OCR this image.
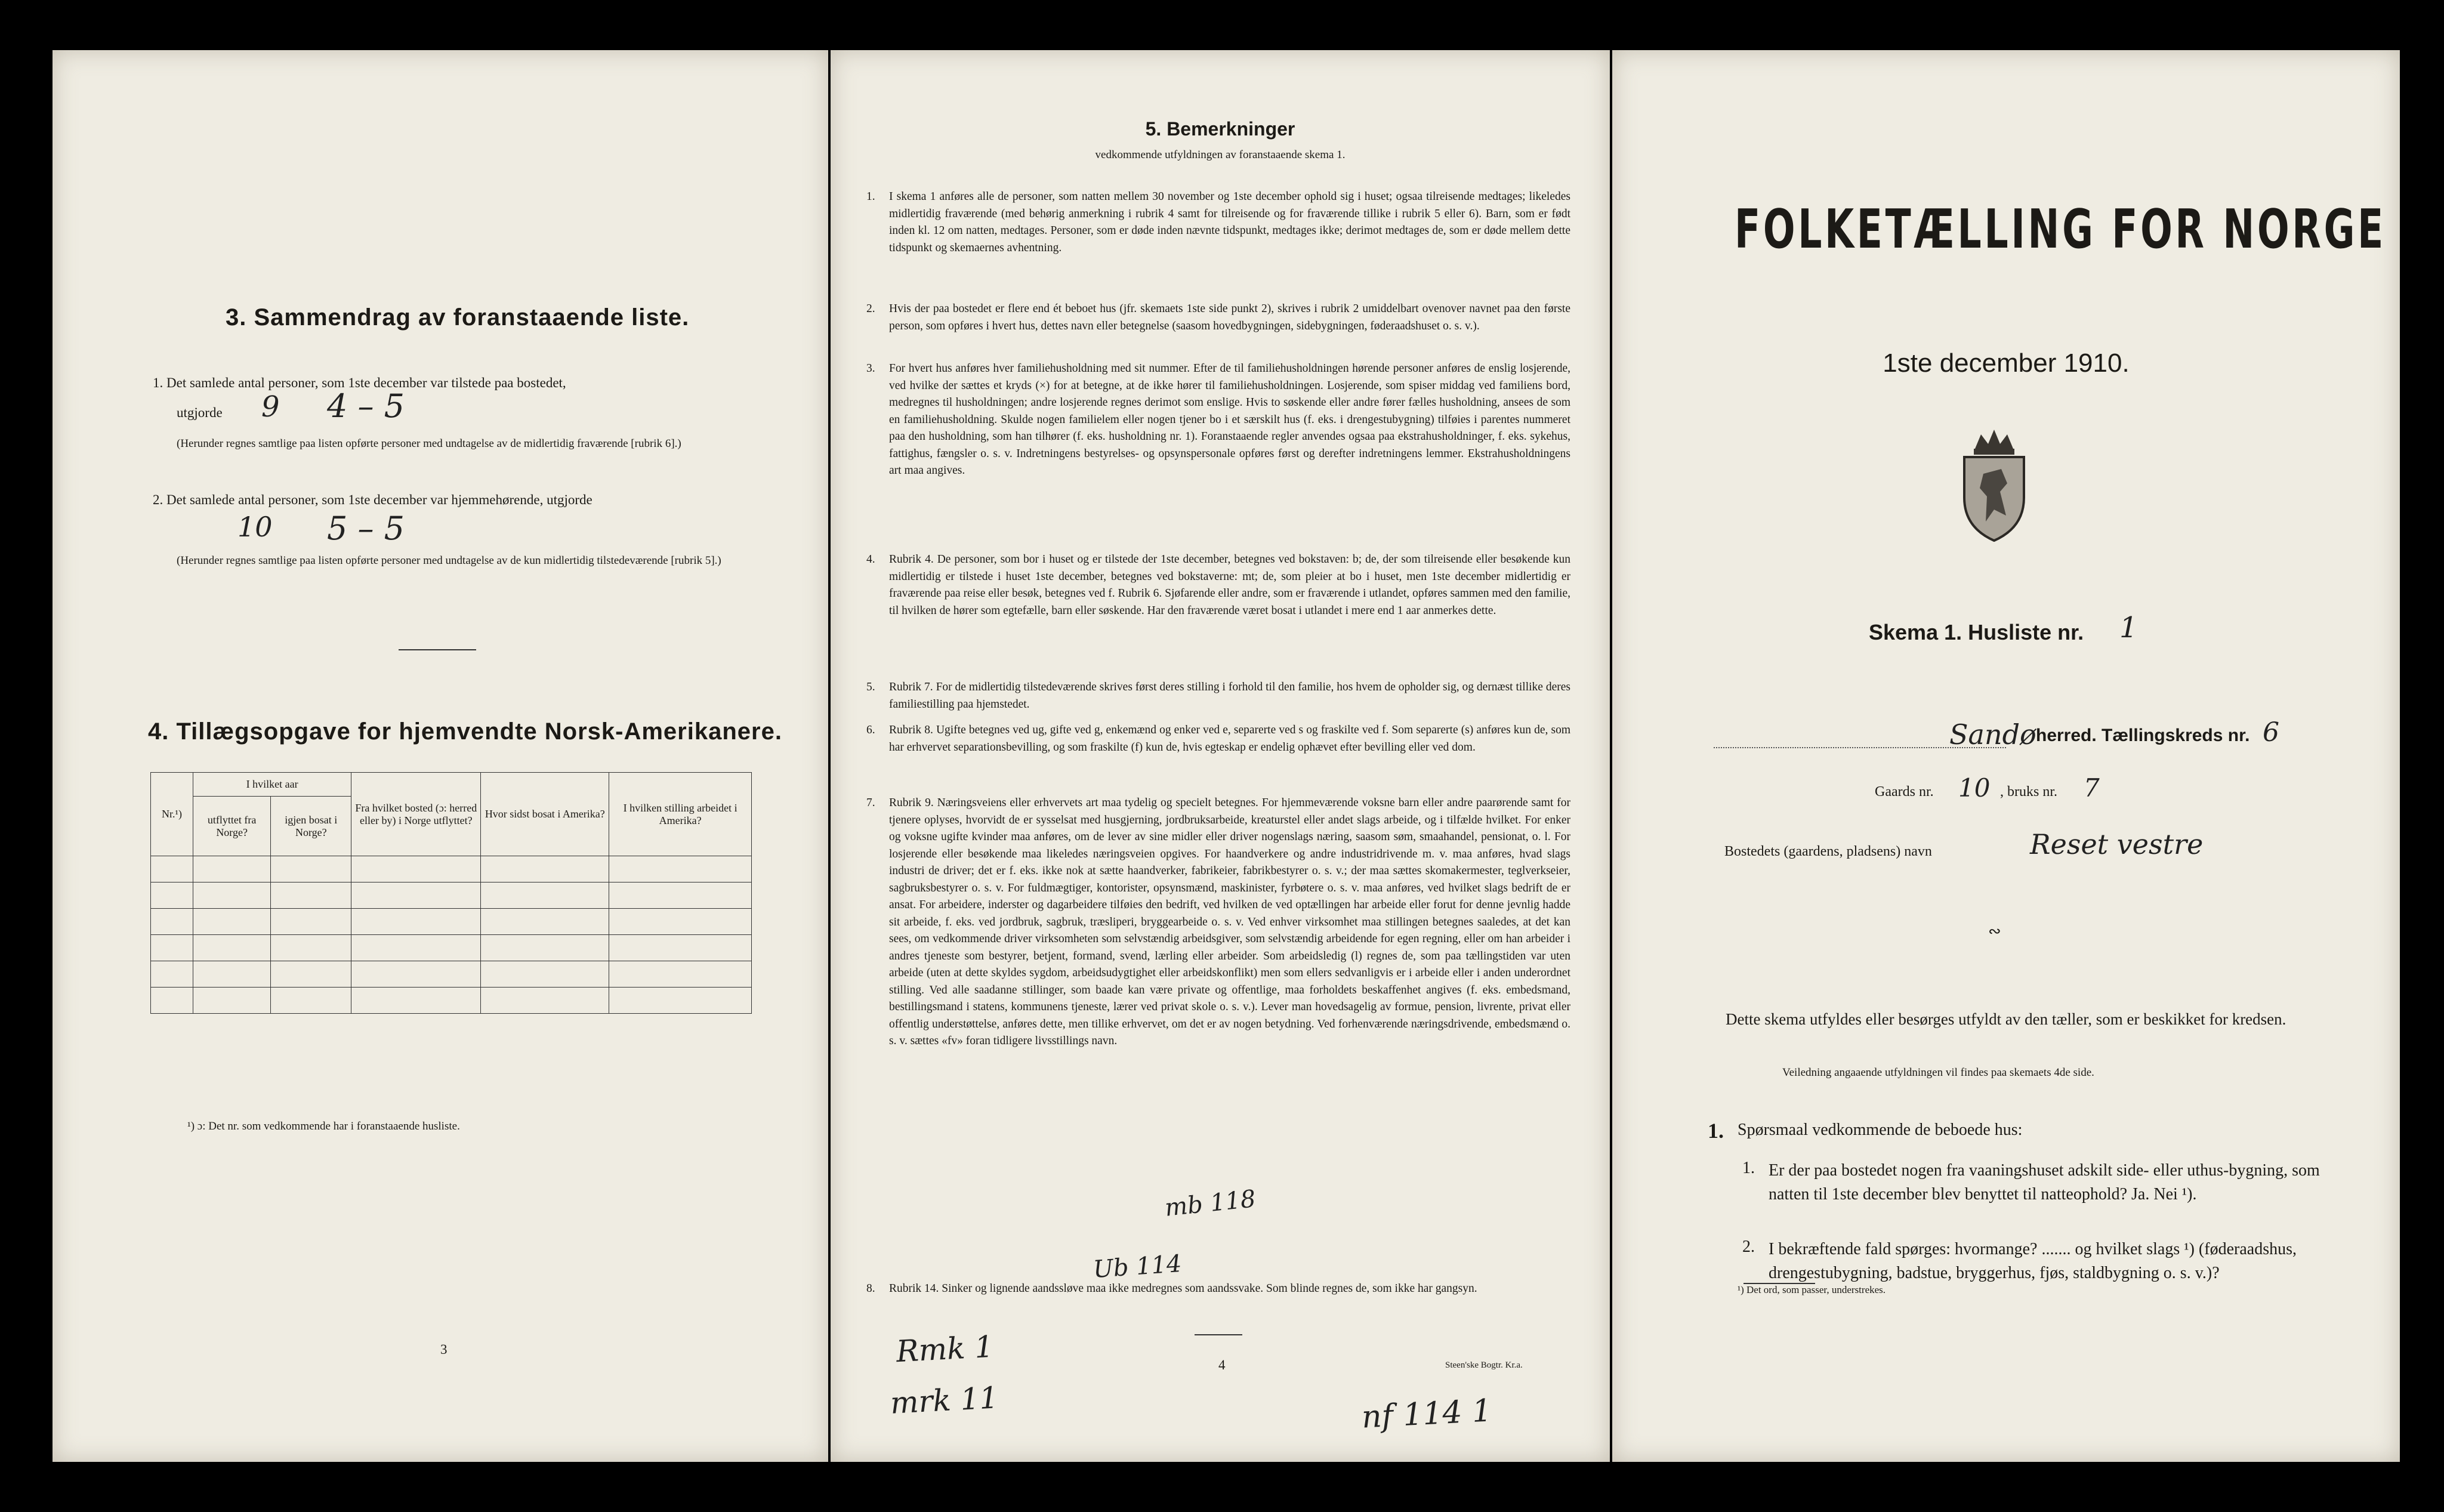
3. Sammendrag av foranstaaende liste.
1. Det samlede antal personer, som 1ste december var tilstede paa bostedet,
utgjorde 9 4 – 5
(Herunder regnes samtlige paa listen opførte personer med undtagelse av de midlertidig fraværende [rubrik 6].)
2. Det samlede antal personer, som 1ste december var hjemmehørende, utgjorde
10 5 – 5
(Herunder regnes samtlige paa listen opførte personer med undtagelse av de kun midlertidig tilstedeværende [rubrik 5].)
4. Tillægsopgave for hjemvendte Norsk-Amerikanere.
Nr.¹)	I hvilket aar		Fra hvilket bosted (ɔ: herred eller by) i Norge utflyttet?	Hvor sidst bosat i Amerika?	I hvilken stilling arbeidet i Amerika?
	utflyttet fra Norge?	igjen bosat i Norge?			

¹) ɔ: Det nr. som vedkommende har i foranstaaende husliste.
3
5. Bemerkninger
vedkommende utfyldningen av foranstaaende skema 1.
1. I skema 1 anføres alle de personer, som natten mellem 30 november og 1ste december ophold sig i huset; ogsaa tilreisende medtages; likeledes midlertidig fraværende (med behørig anmerkning i rubrik 4 samt for tilreisende og for fraværende tillike i rubrik 5 eller 6). Barn, som er født inden kl. 12 om natten, medtages. Personer, som er døde inden nævnte tidspunkt, medtages ikke; derimot medtages de, som er døde mellem dette tidspunkt og skemaernes avhentning.
2. Hvis der paa bostedet er flere end ét beboet hus (jfr. skemaets 1ste side punkt 2), skrives i rubrik 2 umiddelbart ovenover navnet paa den første person, som opføres i hvert hus, dettes navn eller betegnelse (saasom hovedbygningen, sidebygningen, føderaadshuset o. s. v.).
3. For hvert hus anføres hver familiehusholdning med sit nummer. Efter de til familiehusholdningen hørende personer anføres de enslig losjerende, ved hvilke der sættes et kryds (×) for at betegne, at de ikke hører til familiehusholdningen. Losjerende, som spiser middag ved familiens bord, medregnes til husholdningen; andre losjerende regnes derimot som enslige. Hvis to søskende eller andre fører fælles husholdning, ansees de som en familiehusholdning. Skulde nogen familielem eller nogen tjener bo i et særskilt hus (f. eks. i drengestubygning) tilføies i parentes nummeret paa den husholdning, som han tilhører (f. eks. husholdning nr. 1). Foranstaaende regler anvendes ogsaa paa ekstrahusholdninger, f. eks. sykehus, fattighus, fængsler o. s. v. Indretningens bestyrelses- og opsynspersonale opføres først og derefter indretningens lemmer. Ekstrahusholdningens art maa angives.
4. Rubrik 4. De personer, som bor i huset og er tilstede der 1ste december, betegnes ved bokstaven: b; de, der som tilreisende eller besøkende kun midlertidig er tilstede i huset 1ste december, betegnes ved bokstaverne: mt; de, som pleier at bo i huset, men 1ste december midlertidig er fraværende paa reise eller besøk, betegnes ved f. Rubrik 6. Sjøfarende eller andre, som er fraværende i utlandet, opføres sammen med den familie, til hvilken de hører som egtefælle, barn eller søskende. Har den fraværende været bosat i utlandet i mere end 1 aar anmerkes dette.
5. Rubrik 7. For de midlertidig tilstedeværende skrives først deres stilling i forhold til den familie, hos hvem de opholder sig, og dernæst tillike deres familiestilling paa hjemstedet.
6. Rubrik 8. Ugifte betegnes ved ug, gifte ved g, enkemænd og enker ved e, separerte ved s og fraskilte ved f. Som separerte (s) anføres kun de, som har erhvervet separationsbevilling, og som fraskilte (f) kun de, hvis egteskap er endelig ophævet efter bevilling eller ved dom.
7. Rubrik 9. Næringsveiens eller erhvervets art maa tydelig og specielt betegnes. For hjemmeværende voksne barn eller andre paarørende samt for tjenere oplyses, hvorvidt de er sysselsat med husgjerning, jordbruksarbeide, kreaturstel eller andet slags arbeide, og i tilfælde hvilket. For enker og voksne ugifte kvinder maa anføres, om de lever av sine midler eller driver nogenslags næring, saasom søm, smaahandel, pensionat, o. l. For losjerende eller besøkende maa likeledes næringsveien opgives. For haandverkere og andre industridrivende m. v. maa anføres, hvad slags industri de driver; det er f. eks. ikke nok at sætte haandverker, fabrikeier, fabrikbestyrer o. s. v.; der maa sættes skomakermester, teglverkseier, sagbruksbestyrer o. s. v. For fuldmægtiger, kontorister, opsynsmænd, maskinister, fyrbøtere o. s. v. maa anføres, ved hvilket slags bedrift de er ansat. For arbeidere, inderster og dagarbeidere tilføies den bedrift, ved hvilken de ved optællingen har arbeide eller forut for denne jevnlig hadde sit arbeide, f. eks. ved jordbruk, sagbruk, træsliperi, bryggearbeide o. s. v. Ved enhver virksomhet maa stillingen betegnes saaledes, at det kan sees, om vedkommende driver virksomheten som selvstændig arbeidsgiver, som selvstændig arbeidende for egen regning, eller om han arbeider i andres tjeneste som bestyrer, betjent, formand, svend, lærling eller arbeider. Som arbeidsledig (l) regnes de, som paa tællingstiden var uten arbeide (uten at dette skyldes sygdom, arbeidsudygtighet eller arbeidskonflikt) men som ellers sedvanligvis er i arbeide eller i anden underordnet stilling. Ved alle saadanne stillinger, som baade kan være private og offentlige, maa forholdets beskaffenhet angives (f. eks. embedsmand, bestillingsmand i statens, kommunens tjeneste, lærer ved privat skole o. s. v.). Lever man hovedsagelig av formue, pension, livrente, privat eller offentlig understøttelse, anføres dette, men tillike erhvervet, om det er av nogen betydning. Ved forhenværende næringsdrivende, embedsmænd o. s. v. sættes «fv» foran tidligere livsstillings navn.
8. Rubrik 14. Sinker og lignende aandssløve maa ikke medregnes som aandssvake. Som blinde regnes de, som ikke har gangsyn.
mb 118
Ub 114
4	Steen'ske Bogtr. Kr.a.
Rmk 1
mrk 11	nf 114 1
FOLKETÆLLING FOR NORGE
1ste december 1910.
Skema 1. Husliste nr. 1
Sandø herred. Tællingskreds nr. 6
Gaards nr. 10 , bruks nr. 7
Bostedets (gaardens, pladsens) navn	Reset vestre
∾
Dette skema utfyldes eller besørges utfyldt av den tæller, som er beskikket for kredsen.
Veiledning angaaende utfyldningen vil findes paa skemaets 4de side.
1. Spørsmaal vedkommende de beboede hus:
1. Er der paa bostedet nogen fra vaaningshuset adskilt side- eller uthus-bygning, som natten til 1ste december blev benyttet til natteophold? Ja. Nei ¹).
2. I bekræftende fald spørges: hvormange? ....... og hvilket slags ¹) (føderaadshus, drengestubygning, badstue, bryggerhus, fjøs, staldbygning o. s. v.)?
¹) Det ord, som passer, understrekes.
